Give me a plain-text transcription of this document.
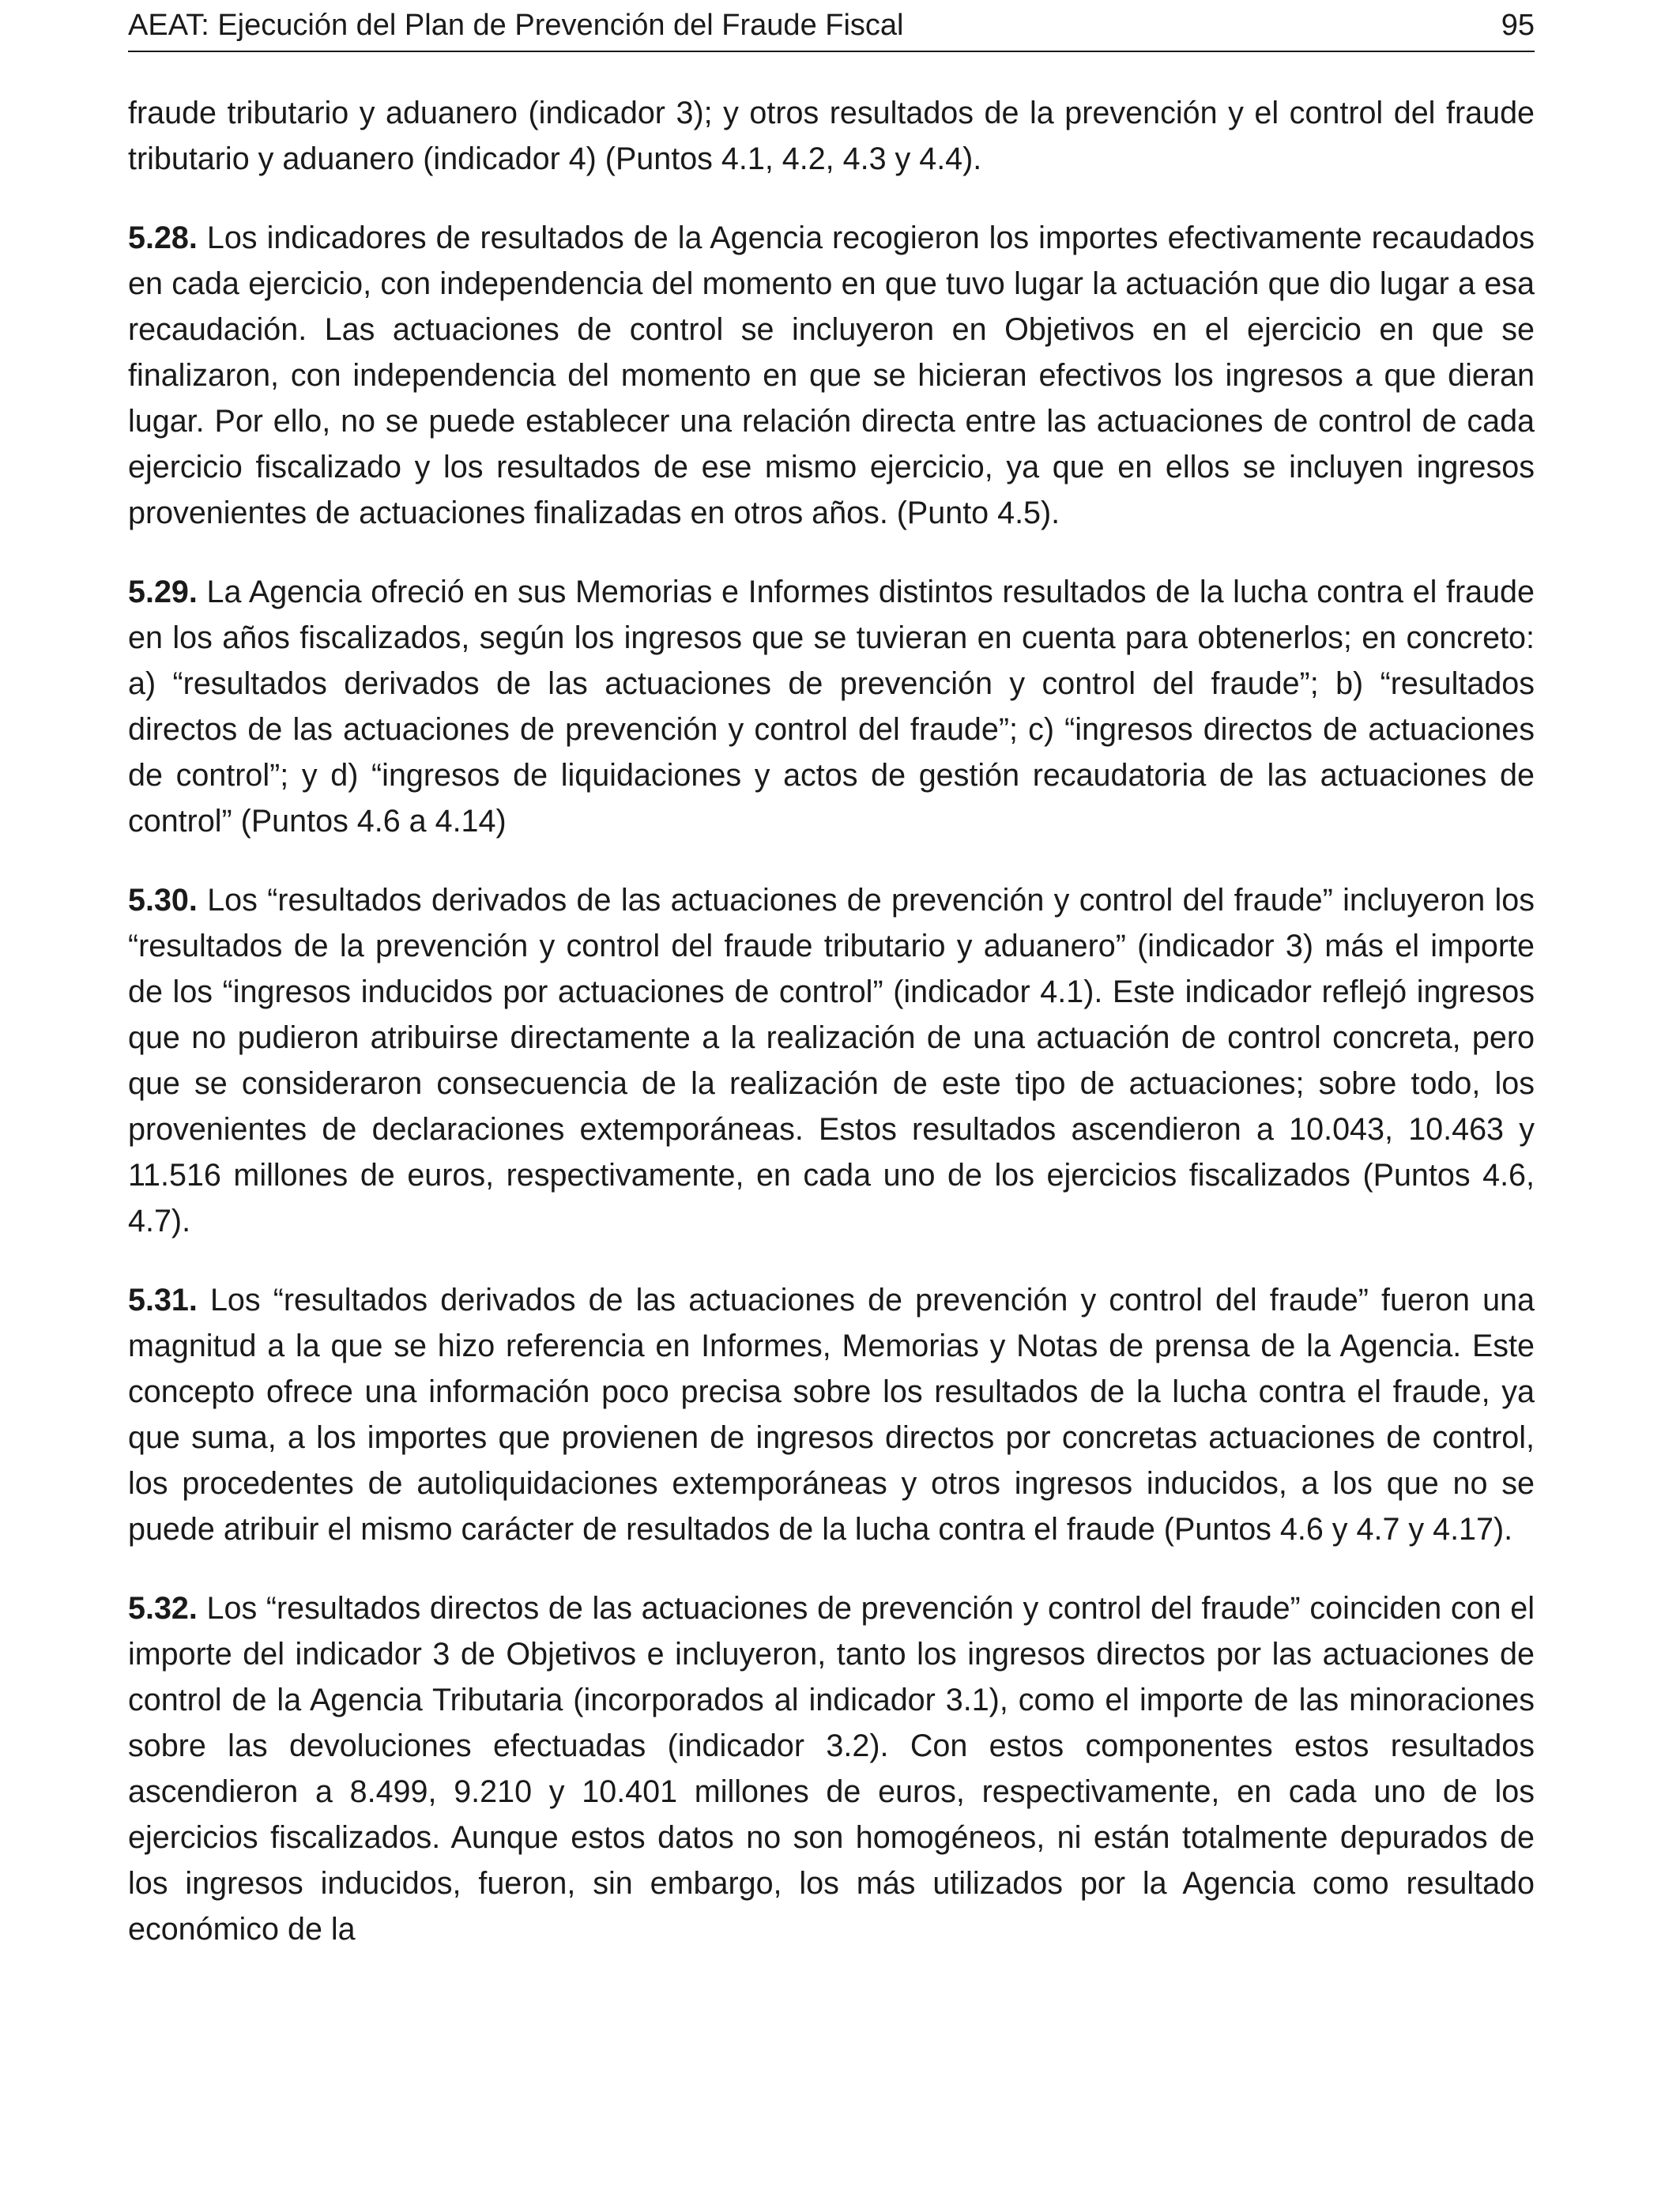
AEAT: Ejecución del Plan de Prevención del Fraude Fiscal	95

fraude tributario y aduanero (indicador 3); y otros resultados de la prevención y el control del fraude tributario y aduanero (indicador 4) (Puntos 4.1, 4.2, 4.3 y 4.4).

5.28. Los indicadores de resultados de la Agencia recogieron los importes efectivamente recaudados en cada ejercicio, con independencia del momento en que tuvo lugar la actuación que dio lugar a esa recaudación. Las actuaciones de control se incluyeron en Objetivos en el ejercicio en que se finalizaron, con independencia del momento en que se hicieran efectivos los ingresos a que dieran lugar. Por ello, no se puede establecer una relación directa entre las actuaciones de control de cada ejercicio fiscalizado y los resultados de ese mismo ejercicio, ya que en ellos se incluyen ingresos provenientes de actuaciones finalizadas en otros años. (Punto 4.5).

5.29. La Agencia ofreció en sus Memorias e Informes distintos resultados de la lucha contra el fraude en los años fiscalizados, según los ingresos que se tuvieran en cuenta para obtenerlos; en concreto: a) “resultados derivados de las actuaciones de prevención y control del fraude”; b) “resultados directos de las actuaciones de prevención y control del fraude”; c) “ingresos directos de actuaciones de control”; y d) “ingresos de liquidaciones y actos de gestión recaudatoria de las actuaciones de control” (Puntos 4.6 a 4.14)

5.30. Los “resultados derivados de las actuaciones de prevención y control del fraude” incluyeron los “resultados de la prevención y control del fraude tributario y aduanero” (indicador 3) más el importe de los “ingresos inducidos por actuaciones de control” (indicador 4.1). Este indicador reflejó ingresos que no pudieron atribuirse directamente a la realización de una actuación de control concreta, pero que se consideraron consecuencia de la realización de este tipo de actuaciones; sobre todo, los provenientes de declaraciones extemporáneas. Estos resultados ascendieron a 10.043, 10.463 y 11.516 millones de euros, respectivamente, en cada uno de los ejercicios fiscalizados (Puntos 4.6, 4.7).

5.31. Los “resultados derivados de las actuaciones de prevención y control del fraude” fueron una magnitud a la que se hizo referencia en Informes, Memorias y Notas de prensa de la Agencia. Este concepto ofrece una información poco precisa sobre los resultados de la lucha contra el fraude, ya que suma, a los importes que provienen de ingresos directos por concretas actuaciones de control, los procedentes de autoliquidaciones extemporáneas y otros ingresos inducidos, a los que no se puede atribuir el mismo carácter de resultados de la lucha contra el fraude (Puntos 4.6 y 4.7 y 4.17).

5.32. Los “resultados directos de las actuaciones de prevención y control del fraude” coinciden con el importe del indicador 3 de Objetivos e incluyeron, tanto los ingresos directos por las actuaciones de control de la Agencia Tributaria (incorporados al indicador 3.1), como el importe de las minoraciones sobre las devoluciones efectuadas (indicador 3.2). Con estos componentes estos resultados ascendieron a 8.499, 9.210 y 10.401 millones de euros, respectivamente, en cada uno de los ejercicios fiscalizados. Aunque estos datos no son homogéneos, ni están totalmente depurados de los ingresos inducidos, fueron, sin embargo, los más utilizados por la Agencia como resultado económico de la
